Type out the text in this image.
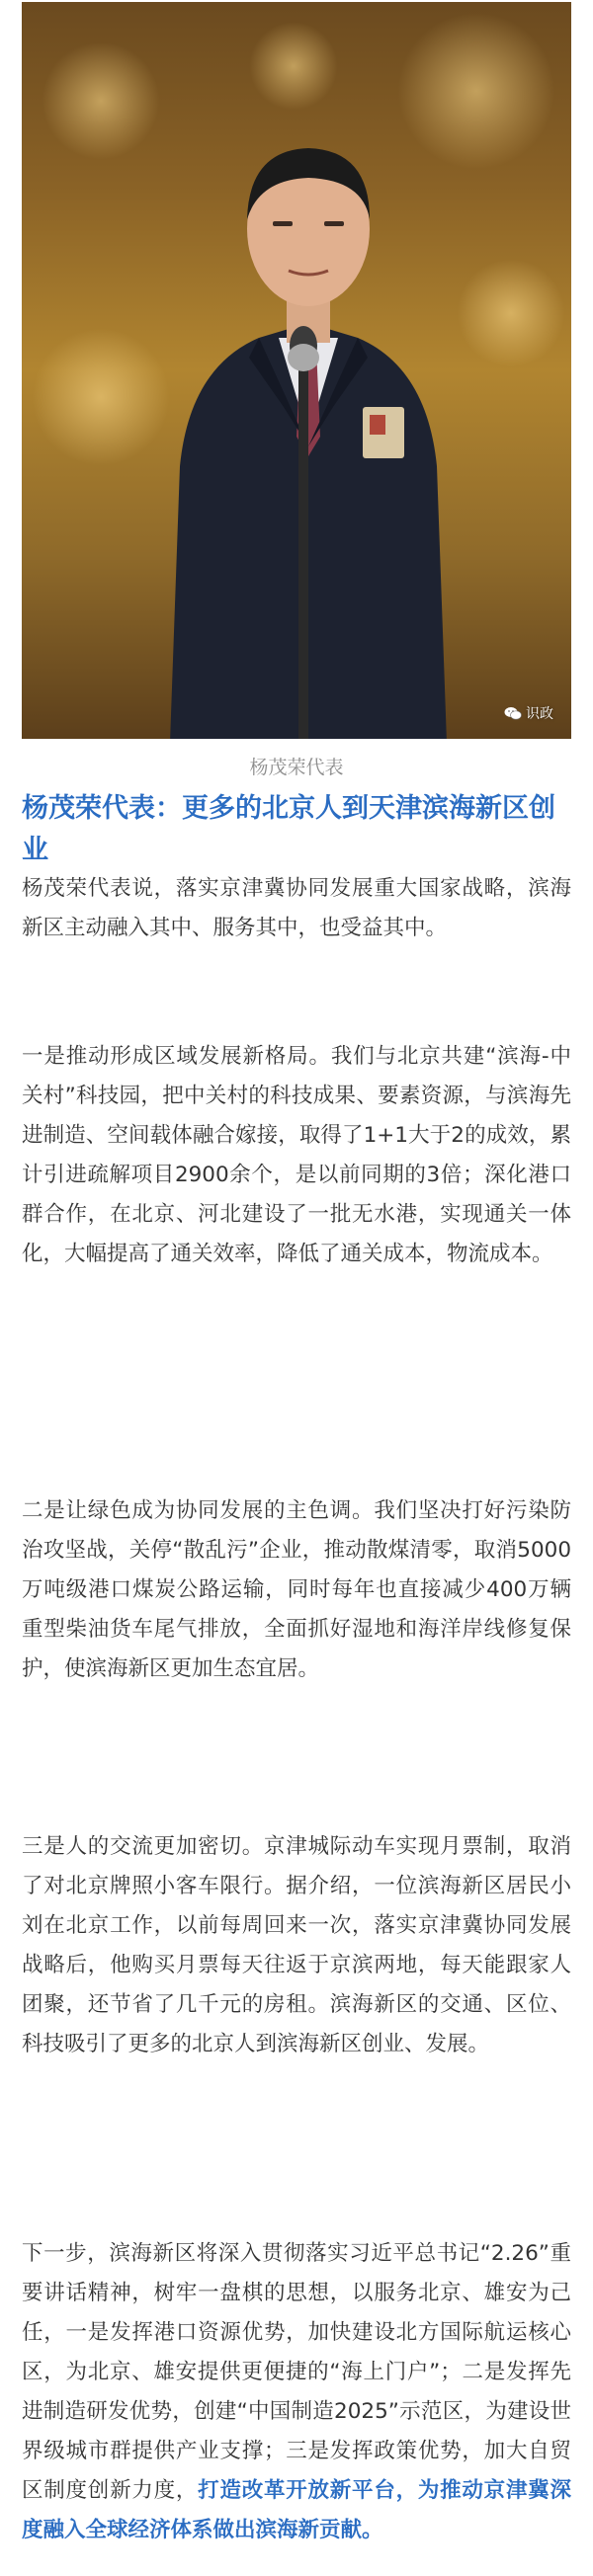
识政
杨茂荣代表
杨茂荣代表：更多的北京人到天津滨海新区创业

杨茂荣代表说，落实京津冀协同发展重大国家战略，滨海新区主动融入其中、服务其中，也受益其中。

一是推动形成区域发展新格局。我们与北京共建“滨海-中关村”科技园，把中关村的科技成果、要素资源，与滨海先进制造、空间载体融合嫁接，取得了1+1大于2的成效，累计引进疏解项目2900余个，是以前同期的3倍；深化港口群合作，在北京、河北建设了一批无水港，实现通关一体化，大幅提高了通关效率，降低了通关成本，物流成本。

二是让绿色成为协同发展的主色调。我们坚决打好污染防治攻坚战，关停“散乱污”企业，推动散煤清零，取消5000万吨级港口煤炭公路运输，同时每年也直接减少400万辆重型柴油货车尾气排放，全面抓好湿地和海洋岸线修复保护，使滨海新区更加生态宜居。

三是人的交流更加密切。京津城际动车实现月票制，取消了对北京牌照小客车限行。据介绍，一位滨海新区居民小刘在北京工作，以前每周回来一次，落实京津冀协同发展战略后，他购买月票每天往返于京滨两地，每天能跟家人团聚，还节省了几千元的房租。滨海新区的交通、区位、科技吸引了更多的北京人到滨海新区创业、发展。

下一步，滨海新区将深入贯彻落实习近平总书记“2.26”重要讲话精神，树牢一盘棋的思想，以服务北京、雄安为己任，一是发挥港口资源优势，加快建设北方国际航运核心区，为北京、雄安提供更便捷的“海上门户”；二是发挥先进制造研发优势，创建“中国制造2025”示范区，为建设世界级城市群提供产业支撑；三是发挥政策优势，加大自贸区制度创新力度，打造改革开放新平台，为推动京津冀深度融入全球经济体系做出滨海新贡献。
